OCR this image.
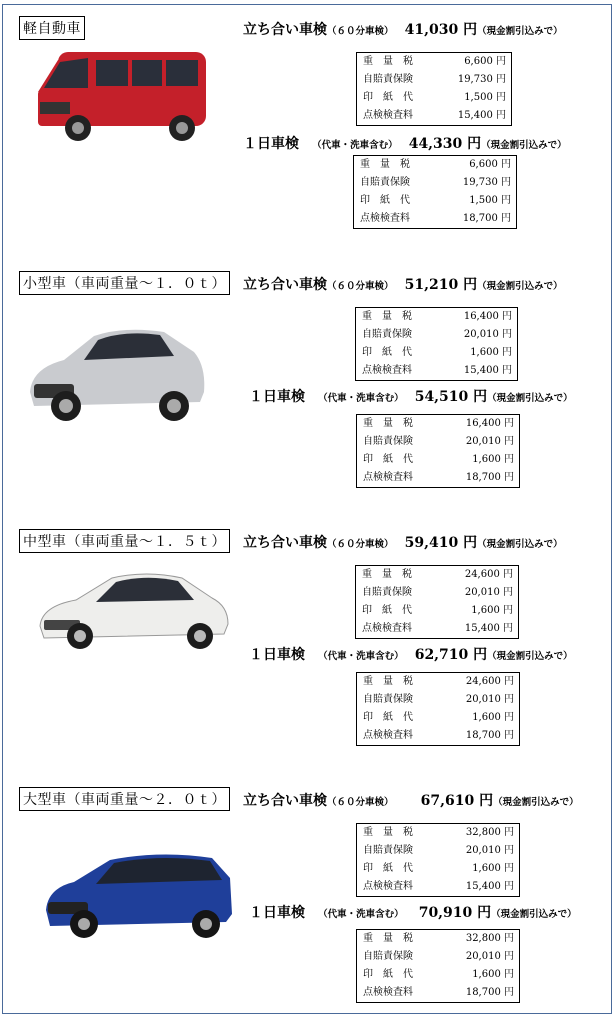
軽自動車	立ち合い車検（６０分車検） 41,030 円（現金割引込みで）
重　量　税	6,600 円
自賠責保険	19,730 円
印　紙　代	1,500 円
点検検査料	15,400 円
１日車検 （代車・洗車含む） 44,330 円（現金割引込みで）
重　量　税	6,600 円
自賠責保険	19,730 円
印　紙　代	1,500 円
点検検査料	18,700 円
小型車（車両重量～１．０ｔ） 立ち合い車検（６０分車検） 51,210 円（現金割引込みで）
重　量　税	16,400 円
自賠責保険	20,010 円
印　紙　代	1,600 円
点検検査料	15,400 円
１日車検 （代車・洗車含む） 54,510 円（現金割引込みで）
重　量　税	16,400 円
自賠責保険	20,010 円
印　紙　代	1,600 円
点検検査料	18,700 円
中型車（車両重量～１．５ｔ） 立ち合い車検（６０分車検） 59,410 円（現金割引込みで）
重　量　税	24,600 円
自賠責保険	20,010 円
印　紙　代	1,600 円
点検検査料	15,400 円
１日車検 （代車・洗車含む） 62,710 円（現金割引込みで）
重　量　税	24,600 円
自賠責保険	20,010 円
印　紙　代	1,600 円
点検検査料	18,700 円
大型車（車両重量～２．０ｔ） 立ち合い車検（６０分車検） 67,610 円（現金割引込みで）
重　量　税	32,800 円
自賠責保険	20,010 円
印　紙　代	1,600 円
点検検査料	15,400 円
１日車検 （代車・洗車含む） 70,910 円（現金割引込みで）
重　量　税	32,800 円
自賠責保険	20,010 円
印　紙　代	1,600 円
点検検査料	18,700 円
